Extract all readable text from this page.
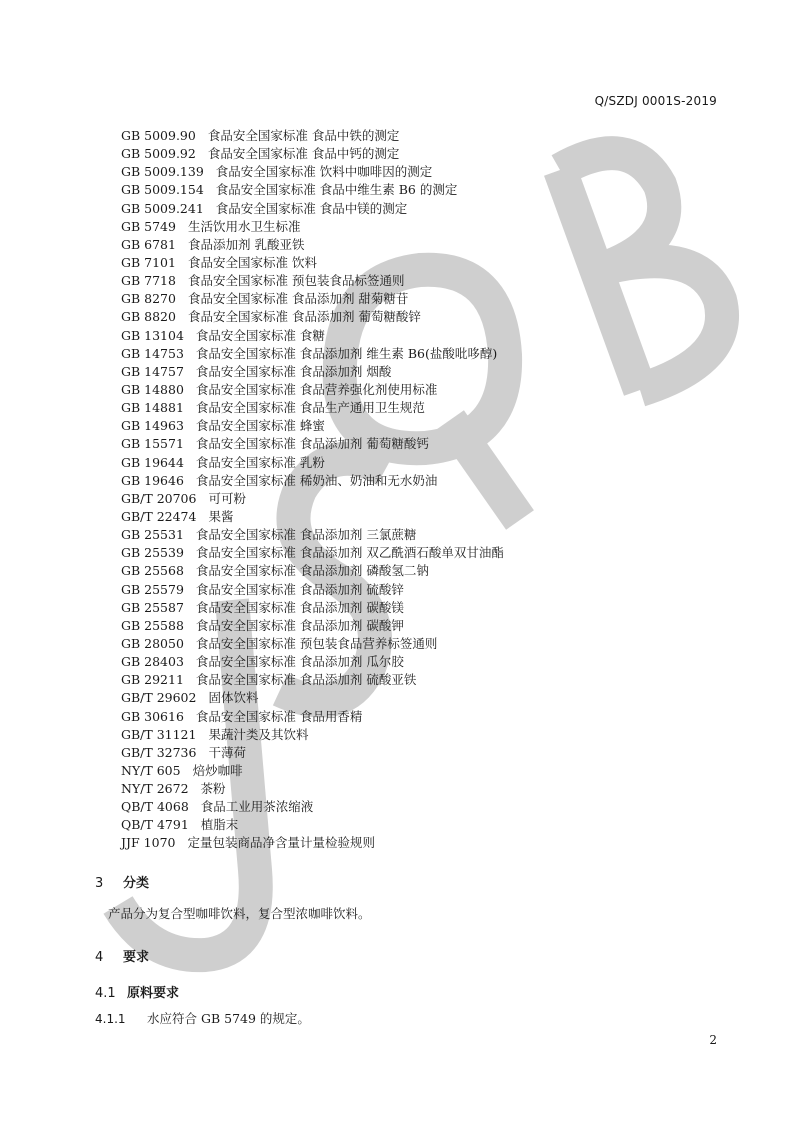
Q/SZDJ 0001S-2019
GB 5009.90 食品安全国家标准 食品中铁的测定
GB 5009.92 食品安全国家标准 食品中钙的测定
GB 5009.139 食品安全国家标准 饮料中咖啡因的测定
GB 5009.154 食品安全国家标准 食品中维生素 B6 的测定
GB 5009.241 食品安全国家标准 食品中镁的测定
GB 5749 生活饮用水卫生标准
GB 6781 食品添加剂 乳酸亚铁
GB 7101 食品安全国家标准 饮料
GB 7718 食品安全国家标准 预包装食品标签通则
GB 8270 食品安全国家标准 食品添加剂 甜菊糖苷
GB 8820 食品安全国家标准 食品添加剂 葡萄糖酸锌
GB 13104 食品安全国家标准 食糖
GB 14753 食品安全国家标准 食品添加剂 维生素 B6(盐酸吡哆醇)
GB 14757 食品安全国家标准 食品添加剂 烟酸
GB 14880 食品安全国家标准 食品营养强化剂使用标准
GB 14881 食品安全国家标准 食品生产通用卫生规范
GB 14963 食品安全国家标准 蜂蜜
GB 15571 食品安全国家标准 食品添加剂 葡萄糖酸钙
GB 19644 食品安全国家标准 乳粉
GB 19646 食品安全国家标准 稀奶油、奶油和无水奶油
GB/T 20706 可可粉
GB/T 22474 果酱
GB 25531 食品安全国家标准 食品添加剂 三氯蔗糖
GB 25539 食品安全国家标准 食品添加剂 双乙酰酒石酸单双甘油酯
GB 25568 食品安全国家标准 食品添加剂 磷酸氢二钠
GB 25579 食品安全国家标准 食品添加剂 硫酸锌
GB 25587 食品安全国家标准 食品添加剂 碳酸镁
GB 25588 食品安全国家标准 食品添加剂 碳酸钾
GB 28050 食品安全国家标准 预包装食品营养标签通则
GB 28403 食品安全国家标准 食品添加剂 瓜尔胶
GB 29211 食品安全国家标准 食品添加剂 硫酸亚铁
GB/T 29602 固体饮料
GB 30616 食品安全国家标准 食品用香精
GB/T 31121 果蔬汁类及其饮料
GB/T 32736 干薄荷
NY/T 605 焙炒咖啡
NY/T 2672 茶粉
QB/T 4068 食品工业用茶浓缩液
QB/T 4791 植脂末
JJF 1070 定量包装商品净含量计量检验规则
3 分类
产品分为复合型咖啡饮料，复合型浓咖啡饮料。
4 要求
4.1 原料要求
4.1.1 水应符合 GB 5749 的规定。
2
